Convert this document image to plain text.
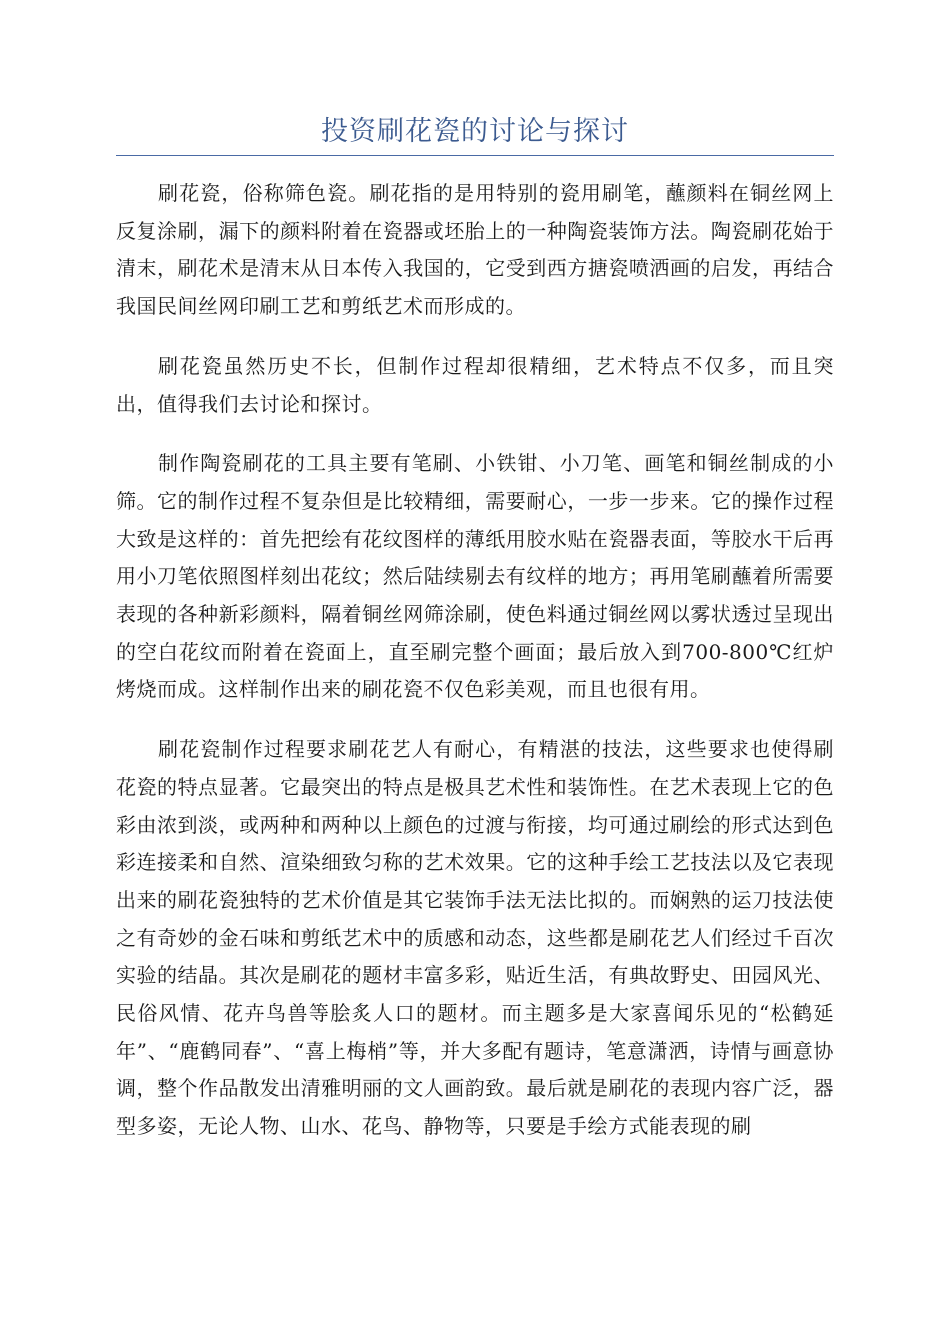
投资刷花瓷的讨论与探讨

刷花瓷，俗称筛色瓷。刷花指的是用特别的瓷用刷笔，蘸颜料在铜丝网上反复涂刷，漏下的颜料附着在瓷器或坯胎上的一种陶瓷装饰方法。陶瓷刷花始于清末，刷花术是清末从日本传入我国的，它受到西方搪瓷喷洒画的启发，再结合我国民间丝网印刷工艺和剪纸艺术而形成的。

刷花瓷虽然历史不长，但制作过程却很精细，艺术特点不仅多，而且突出，值得我们去讨论和探讨。

制作陶瓷刷花的工具主要有笔刷、小铁钳、小刀笔、画笔和铜丝制成的小筛。它的制作过程不复杂但是比较精细，需要耐心，一步一步来。它的操作过程大致是这样的：首先把绘有花纹图样的薄纸用胶水贴在瓷器表面，等胶水干后再用小刀笔依照图样刻出花纹；然后陆续剔去有纹样的地方；再用笔刷蘸着所需要表现的各种新彩颜料，隔着铜丝网筛涂刷，使色料通过铜丝网以雾状透过呈现出的空白花纹而附着在瓷面上，直至刷完整个画面；最后放入到700-800℃红炉烤烧而成。这样制作出来的刷花瓷不仅色彩美观，而且也很有用。

刷花瓷制作过程要求刷花艺人有耐心，有精湛的技法，这些要求也使得刷花瓷的特点显著。它最突出的特点是极具艺术性和装饰性。在艺术表现上它的色彩由浓到淡，或两种和两种以上颜色的过渡与衔接，均可通过刷绘的形式达到色彩连接柔和自然、渲染细致匀称的艺术效果。它的这种手绘工艺技法以及它表现出来的刷花瓷独特的艺术价值是其它装饰手法无法比拟的。而娴熟的运刀技法使之有奇妙的金石味和剪纸艺术中的质感和动态，这些都是刷花艺人们经过千百次实验的结晶。其次是刷花的题材丰富多彩，贴近生活，有典故野史、田园风光、民俗风情、花卉鸟兽等脍炙人口的题材。而主题多是大家喜闻乐见的“松鹤延年”、“鹿鹤同春”、“喜上梅梢”等，并大多配有题诗，笔意潇洒，诗情与画意协调，整个作品散发出清雅明丽的文人画韵致。最后就是刷花的表现内容广泛，器型多姿，无论人物、山水、花鸟、静物等，只要是手绘方式能表现的刷
